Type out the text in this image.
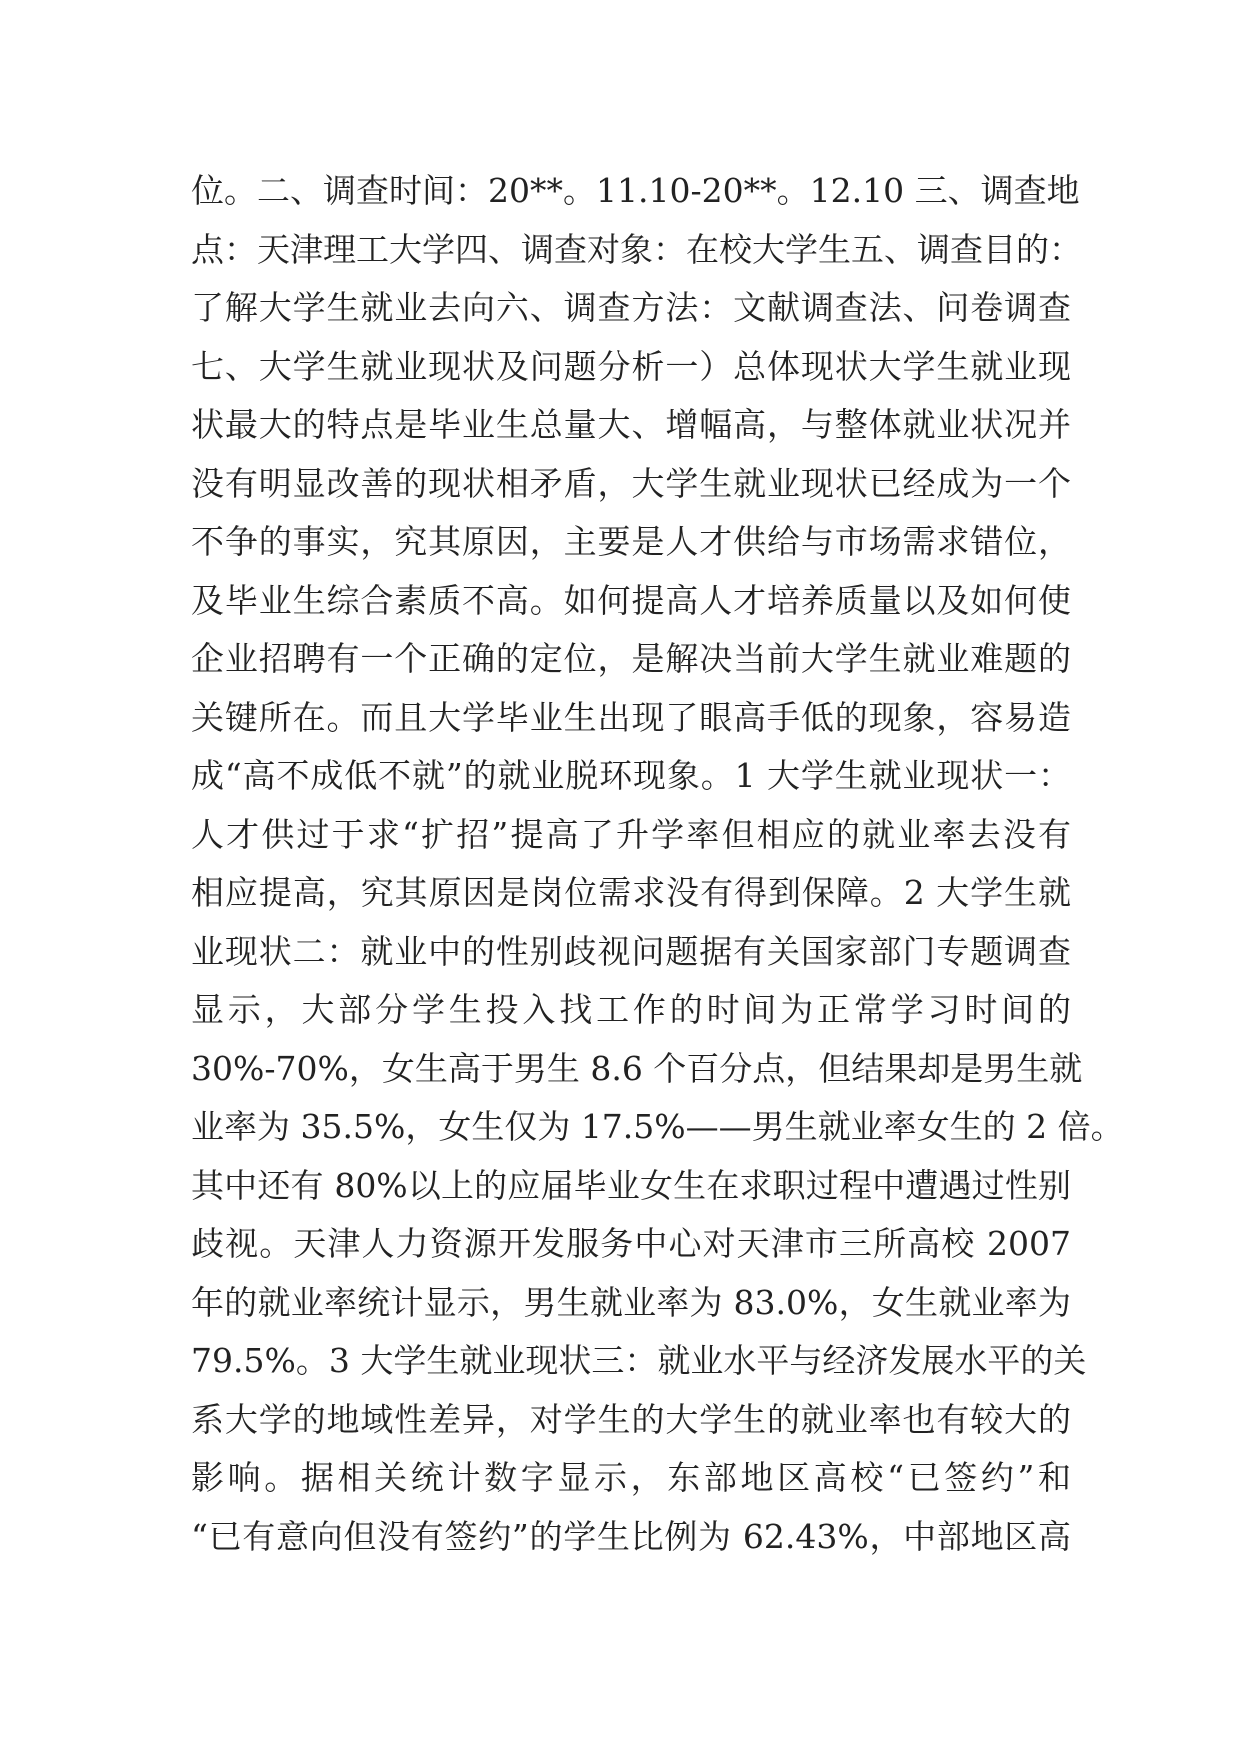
位。二、调查时间：20**。11.10-20**。12.10 三、调查地
点：天津理工大学四、调查对象：在校大学生五、调查目的：
了解大学生就业去向六、调查方法：文献调查法、问卷调查
七、大学生就业现状及问题分析一）总体现状大学生就业现
状最大的特点是毕业生总量大、增幅高，与整体就业状况并
没有明显改善的现状相矛盾，大学生就业现状已经成为一个
不争的事实，究其原因，主要是人才供给与市场需求错位，
及毕业生综合素质不高。如何提高人才培养质量以及如何使
企业招聘有一个正确的定位，是解决当前大学生就业难题的
关键所在。而且大学毕业生出现了眼高手低的现象，容易造
成“高不成低不就”的就业脱环现象。1 大学生就业现状一：
人才供过于求“扩招”提高了升学率但相应的就业率去没有
相应提高，究其原因是岗位需求没有得到保障。2 大学生就
业现状二：就业中的性别歧视问题据有关国家部门专题调查
显示，大部分学生投入找工作的时间为正常学习时间的
30%-70%，女生高于男生 8.6 个百分点，但结果却是男生就
业率为 35.5%，女生仅为 17.5%——男生就业率女生的 2 倍。
其中还有 80%以上的应届毕业女生在求职过程中遭遇过性别
歧视。天津人力资源开发服务中心对天津市三所高校 2007
年的就业率统计显示，男生就业率为 83.0%，女生就业率为
79.5%。3 大学生就业现状三：就业水平与经济发展水平的关
系大学的地域性差异，对学生的大学生的就业率也有较大的
影响。据相关统计数字显示，东部地区高校“已签约”和
“已有意向但没有签约”的学生比例为 62.43%，中部地区高
